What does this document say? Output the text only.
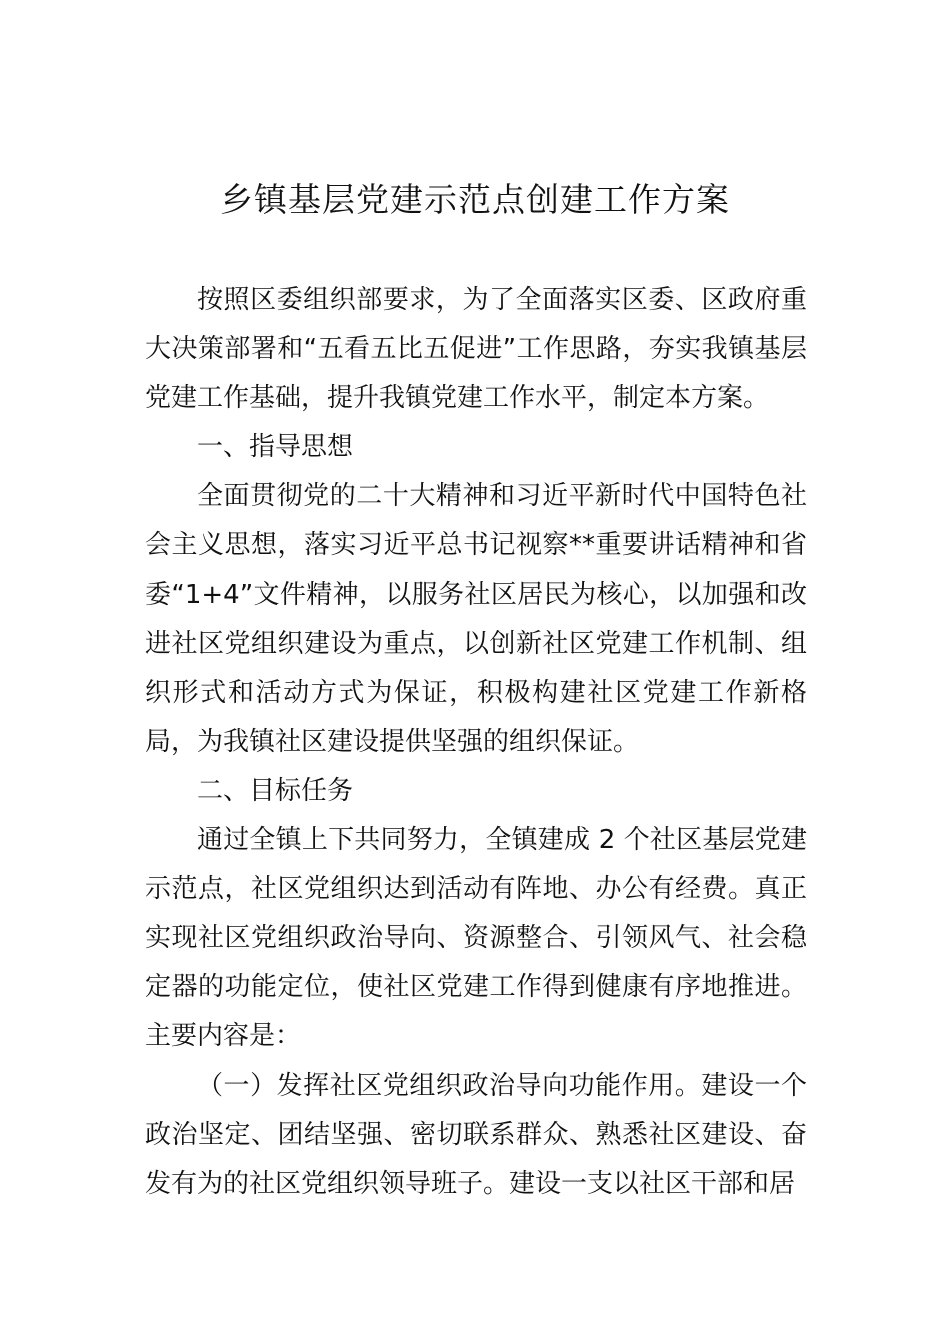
乡镇基层党建示范点创建工作方案

按照区委组织部要求，为了全面落实区委、区政府重大决策部署和“五看五比五促进”工作思路，夯实我镇基层党建工作基础，提升我镇党建工作水平，制定本方案。

一、指导思想

全面贯彻党的二十大精神和习近平新时代中国特色社会主义思想，落实习近平总书记视察**重要讲话精神和省委“1+4”文件精神，以服务社区居民为核心，以加强和改进社区党组织建设为重点，以创新社区党建工作机制、组织形式和活动方式为保证，积极构建社区党建工作新格局，为我镇社区建设提供坚强的组织保证。

二、目标任务

通过全镇上下共同努力，全镇建成 2 个社区基层党建示范点，社区党组织达到活动有阵地、办公有经费。真正实现社区党组织政治导向、资源整合、引领风气、社会稳定器的功能定位，使社区党建工作得到健康有序地推进。主要内容是：

（一）发挥社区党组织政治导向功能作用。建设一个政治坚定、团结坚强、密切联系群众、熟悉社区建设、奋发有为的社区党组织领导班子。建设一支以社区干部和居
